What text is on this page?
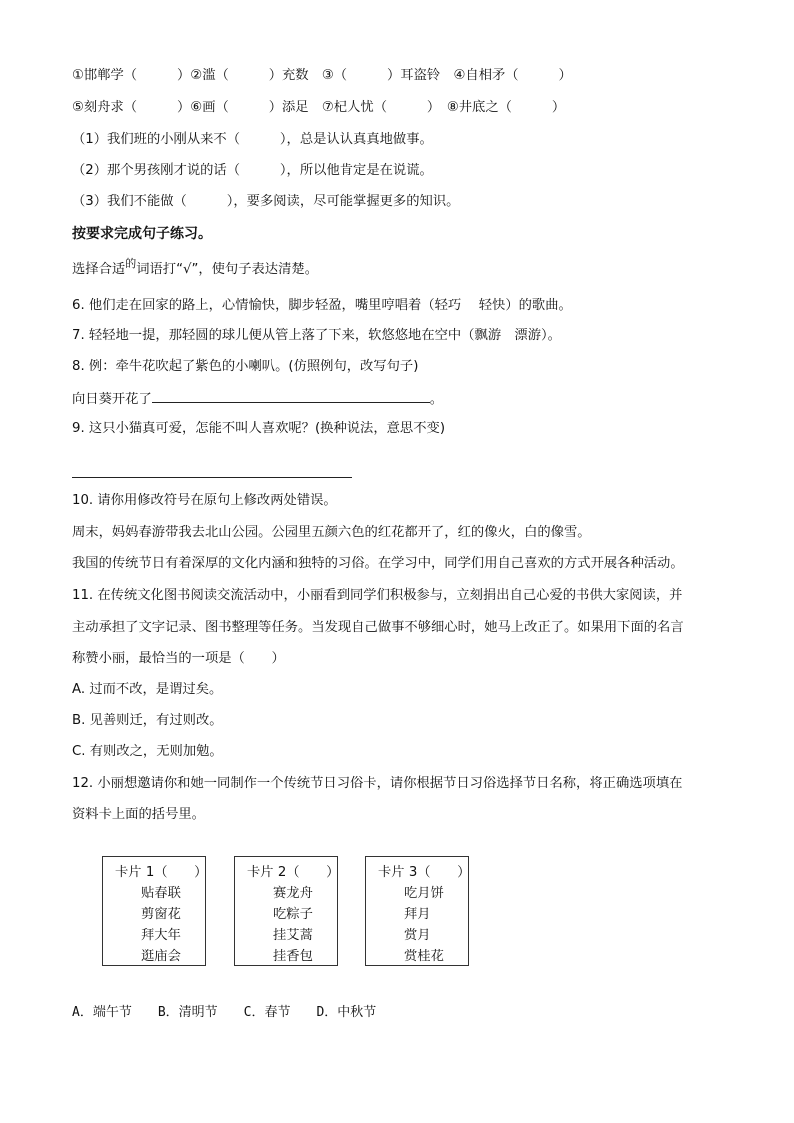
①邯郸学（　　　）②滥（　　　）充数　③（　　　）耳盗铃　④自相矛（　　　）
⑤刻舟求（　　　）⑥画（　　　）添足　⑦杞人忧（　　　）　⑧井底之（　　　）
（1）我们班的小刚从来不（　　　），总是认认真真地做事。
（2）那个男孩刚才说的话（　　　），所以他肯定是在说谎。
（3）我们不能做（　　　），要多阅读，尽可能掌握更多的知识。
按要求完成句子练习。
选择合适$^的$词语打“√”，使句子表达清楚。
6. 他们走在回家的路上，心情愉快，脚步轻盈，嘴里哼唱着（轻巧　 轻快）的歌曲。
7. 轻轻地一提，那轻圆的球儿便从管上落了下来，软悠悠地在空中（飘游　漂游）。
8. 例：牵牛花吹起了紫色的小喇叭。(仿照例句，改写句子)
向日葵开花了	。
9. 这只小猫真可爱，怎能不叫人喜欢呢？(换种说法，意思不变)
10. 请你用修改符号在原句上修改两处错误。
周末，妈妈春游带我去北山公园。公园里五颜六色的红花都开了，红的像火，白的像雪。
我国的传统节日有着深厚的文化内涵和独特的习俗。在学习中，同学们用自己喜欢的方式开展各种活动。
11. 在传统文化图书阅读交流活动中，小丽看到同学们积极参与，立刻捐出自己心爱的书供大家阅读，并
主动承担了文字记录、图书整理等任务。当发现自己做事不够细心时，她马上改正了。如果用下面的名言
称赞小丽，最恰当的一项是（　　）
A. 过而不改，是谓过矣。
B. 见善则迁，有过则改。
C. 有则改之，无则加勉。
12. 小丽想邀请你和她一同制作一个传统节日习俗卡，请你根据节日习俗选择节日名称，将正确选项填在
资料卡上面的括号里。
卡片 1（　　）
贴春联
剪窗花
拜大年
逛庙会
卡片 2（　　）
赛龙舟
吃粽子
挂艾蒿
挂香包
卡片 3（　　）
吃月饼
拜月
赏月
赏桂花
A．端午节　　B．清明节　　C．春节　　D．中秋节
